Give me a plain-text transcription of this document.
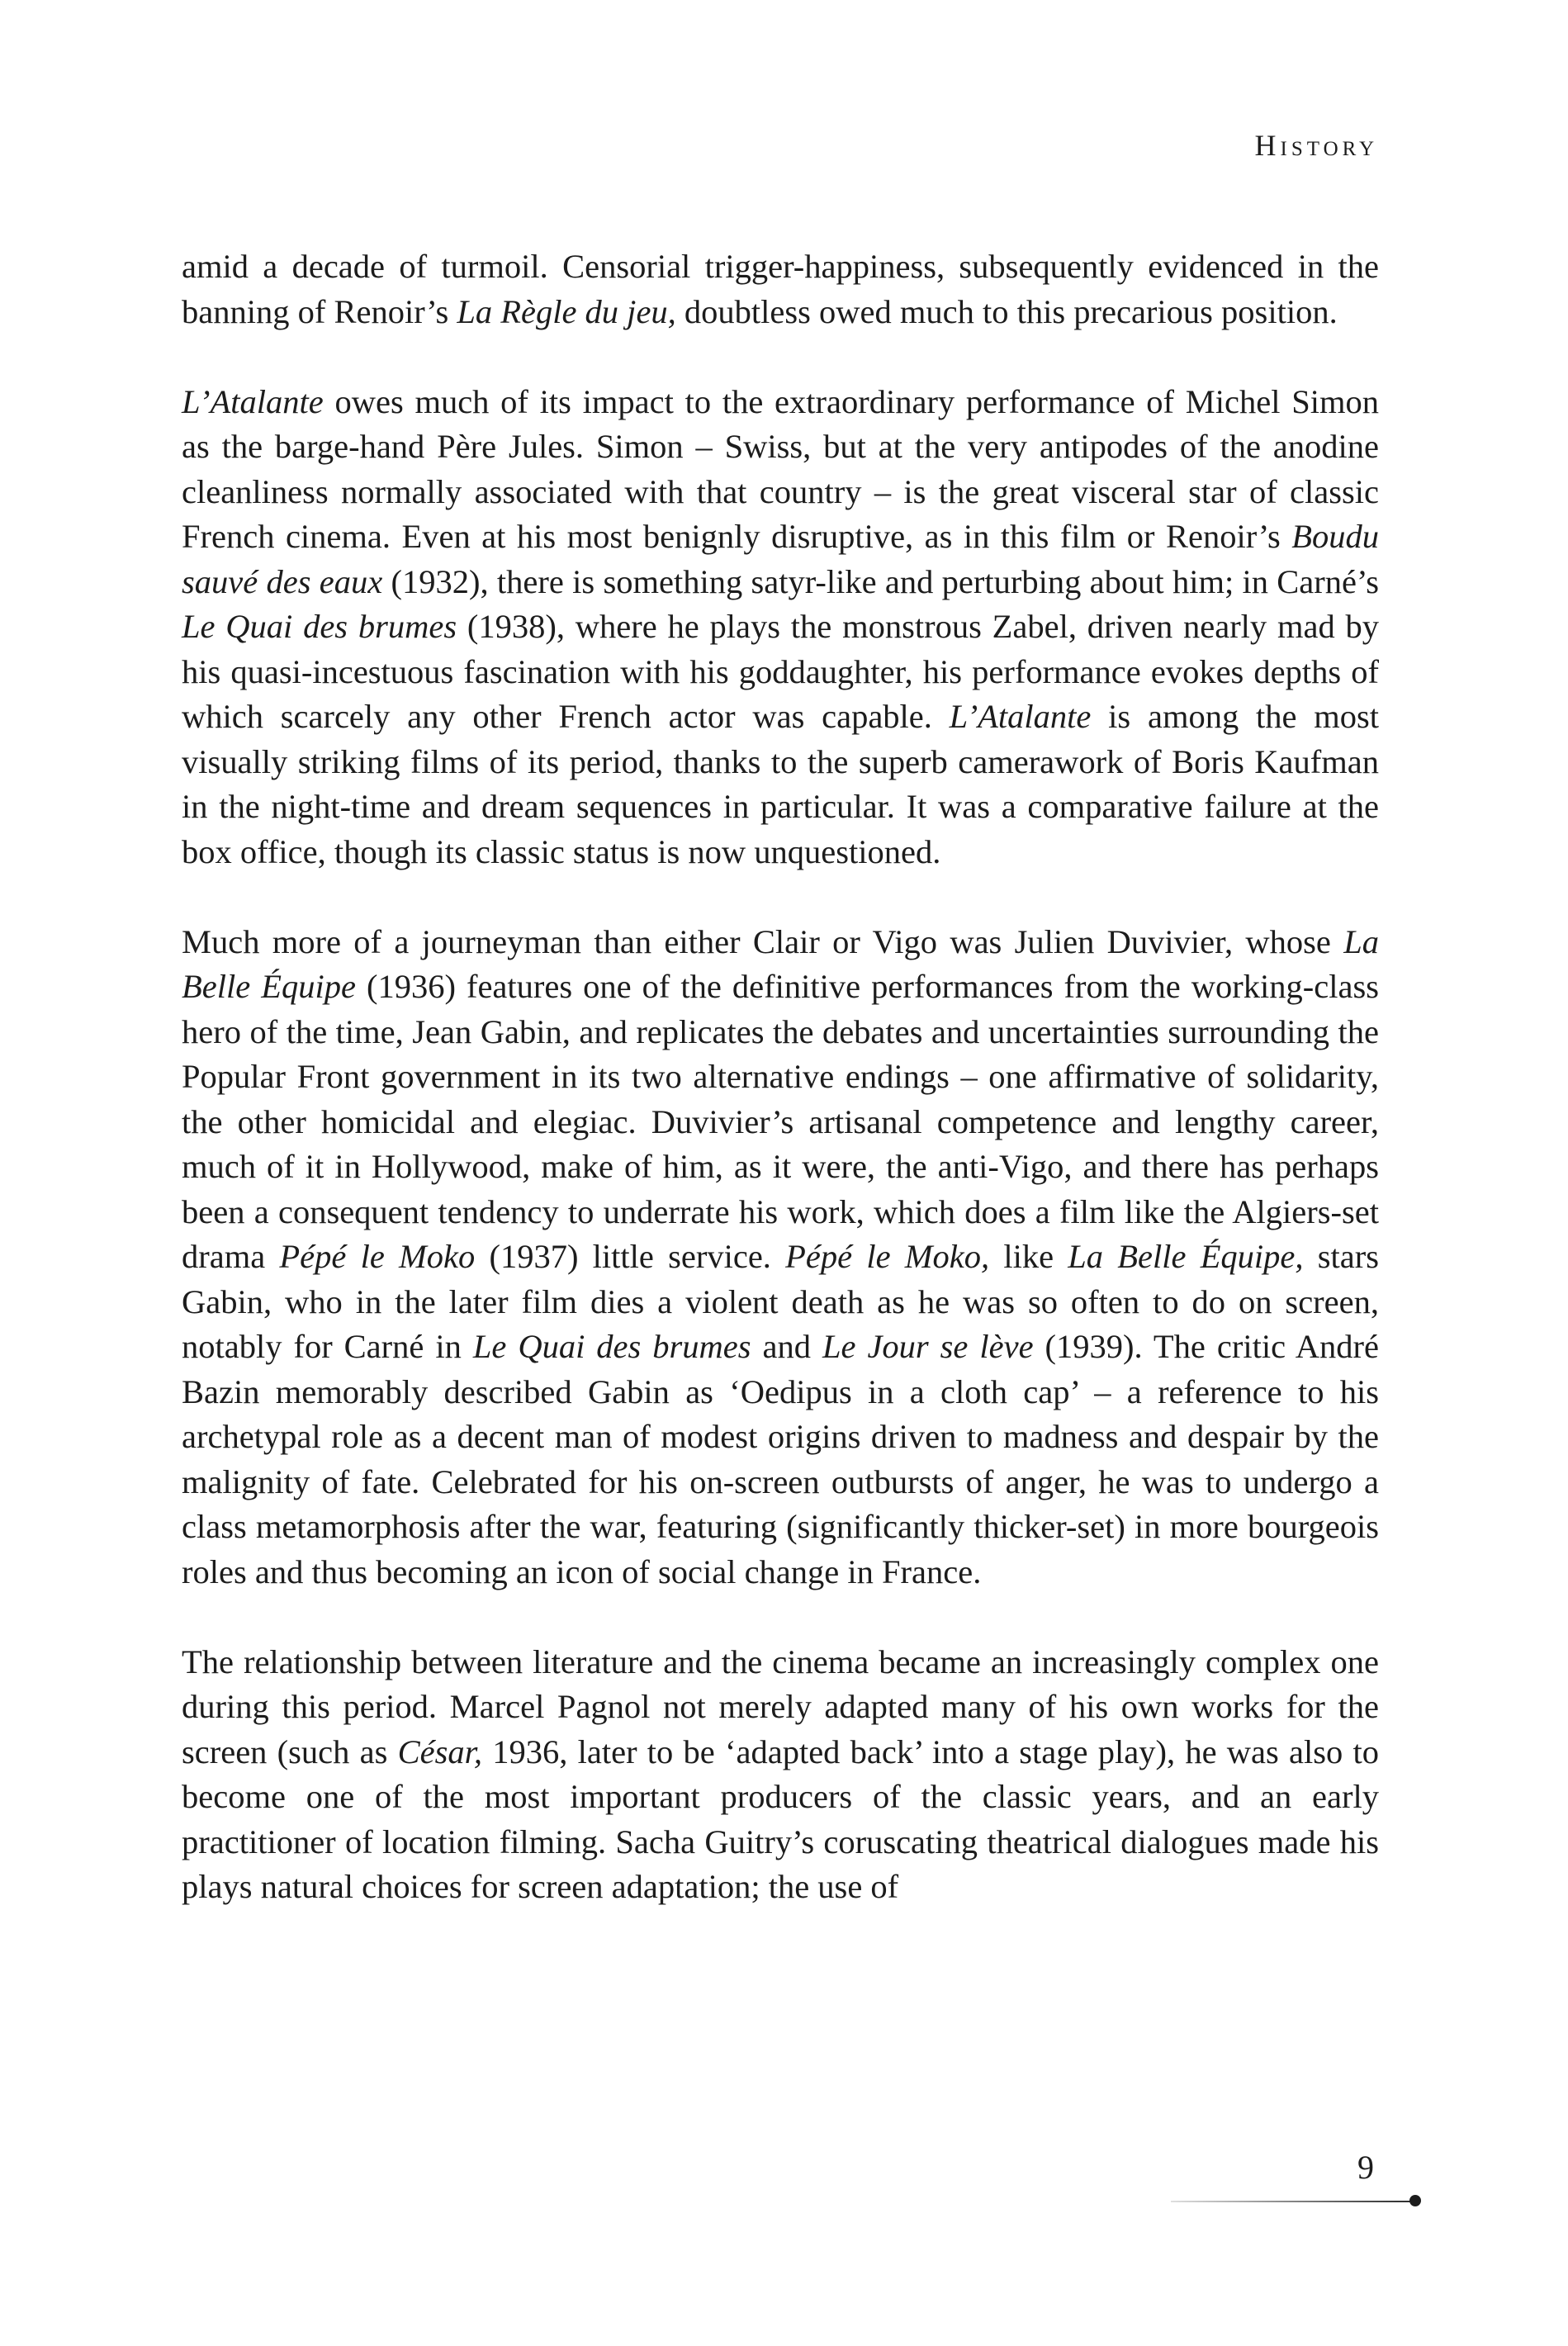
History

amid a decade of turmoil. Censorial trigger-happiness, subsequently evidenced in the banning of Renoir’s La Règle du jeu, doubtless owed much to this precarious position.

L’Atalante owes much of its impact to the extraordinary performance of Michel Simon as the barge-hand Père Jules. Simon – Swiss, but at the very antipodes of the anodine cleanliness normally associated with that country – is the great visceral star of classic French cinema. Even at his most benignly disruptive, as in this film or Renoir’s Boudu sauvé des eaux (1932), there is something satyr-like and perturbing about him; in Carné’s Le Quai des brumes (1938), where he plays the monstrous Zabel, driven nearly mad by his quasi-incestuous fascination with his goddaughter, his performance evokes depths of which scarcely any other French actor was capable. L’Atalante is among the most visually striking films of its period, thanks to the superb camerawork of Boris Kaufman in the night-time and dream sequences in particular. It was a comparative failure at the box office, though its classic status is now unquestioned.

Much more of a journeyman than either Clair or Vigo was Julien Duvivier, whose La Belle Équipe (1936) features one of the definitive performances from the working-class hero of the time, Jean Gabin, and replicates the debates and uncertainties surrounding the Popular Front government in its two alternative endings – one affirmative of solidarity, the other homicidal and elegiac. Duvivier’s artisanal competence and lengthy career, much of it in Hollywood, make of him, as it were, the anti-Vigo, and there has perhaps been a consequent tendency to underrate his work, which does a film like the Algiers-set drama Pépé le Moko (1937) little service. Pépé le Moko, like La Belle Équipe, stars Gabin, who in the later film dies a violent death as he was so often to do on screen, notably for Carné in Le Quai des brumes and Le Jour se lève (1939). The critic André Bazin memorably described Gabin as ‘Oedipus in a cloth cap’ – a reference to his archetypal role as a decent man of modest origins driven to madness and despair by the malignity of fate. Celebrated for his on-screen outbursts of anger, he was to undergo a class metamorphosis after the war, featuring (significantly thicker-set) in more bourgeois roles and thus becoming an icon of social change in France.

The relationship between literature and the cinema became an increasingly complex one during this period. Marcel Pagnol not merely adapted many of his own works for the screen (such as César, 1936, later to be ‘adapted back’ into a stage play), he was also to become one of the most important producers of the classic years, and an early practitioner of location filming. Sacha Guitry’s coruscating theatrical dialogues made his plays natural choices for screen adaptation; the use of

9
